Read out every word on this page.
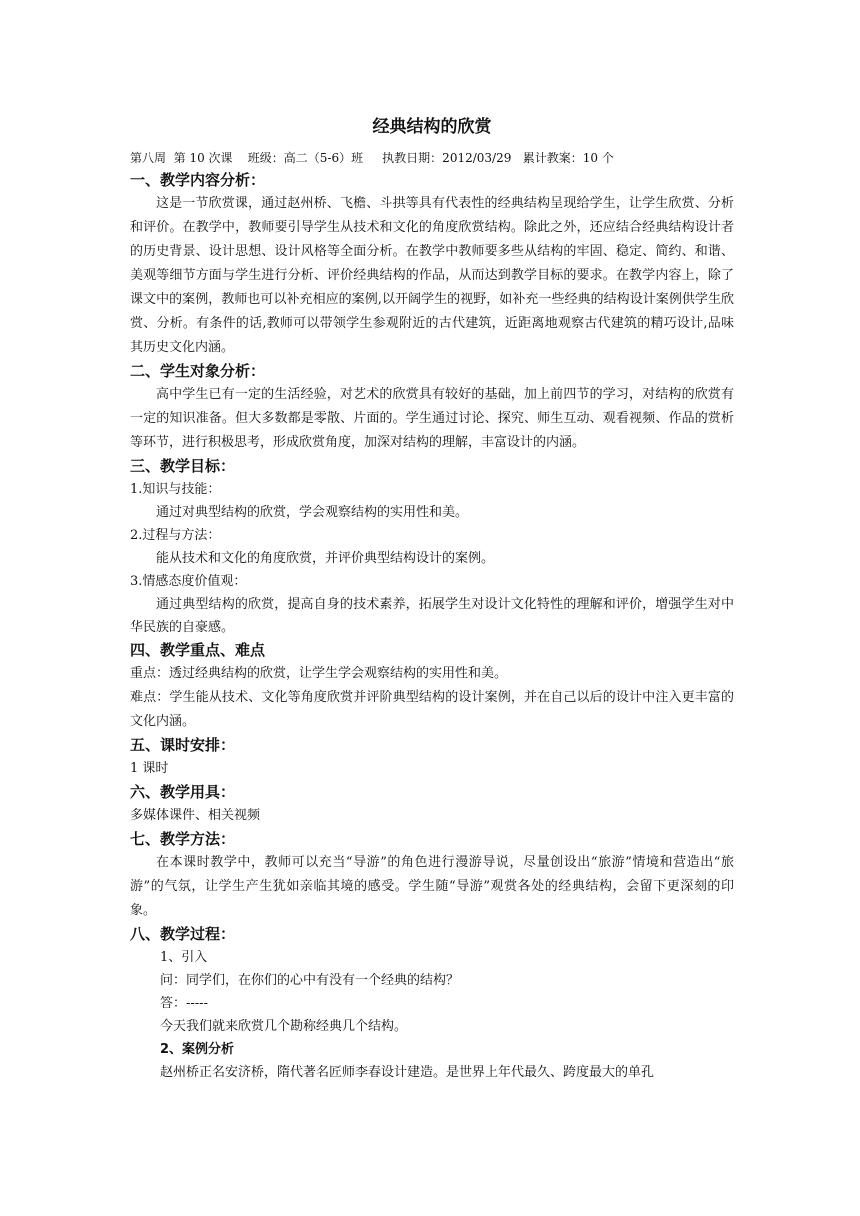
经典结构的欣赏
第八周  第 10 次课    班级：高二（5-6）班     执教日期：2012/03/29   累计教案：10 个
一、教学内容分析：

这是一节欣赏课，通过赵州桥、飞檐、斗拱等具有代表性的经典结构呈现给学生，让学生欣赏、分析和评价。在教学中，教师要引导学生从技术和文化的角度欣赏结构。除此之外，还应结合经典结构设计者的历史背景、设计思想、设计风格等全面分析。在教学中教师要多些从结构的牢固、稳定、简约、和谐、美观等细节方面与学生进行分析、评价经典结构的作品，从而达到教学目标的要求。在教学内容上，除了课文中的案例，教师也可以补充相应的案例,以开阔学生的视野，如补充一些经典的结构设计案例供学生欣赏、分析。有条件的话,教师可以带领学生参观附近的古代建筑，近距离地观察古代建筑的精巧设计,品味其历史文化内涵。

二、学生对象分析：

高中学生已有一定的生活经验，对艺术的欣赏具有较好的基础，加上前四节的学习，对结构的欣赏有一定的知识准备。但大多数都是零散、片面的。学生通过讨论、探究、师生互动、观看视频、作品的赏析等环节，进行积极思考，形成欣赏角度，加深对结构的理解，丰富设计的内涵。

三、教学目标：

1.知识与技能：

通过对典型结构的欣赏，学会观察结构的实用性和美。

2.过程与方法：

能从技术和文化的角度欣赏，并评价典型结构设计的案例。

3.情感态度价值观：

通过典型结构的欣赏，提高自身的技术素养，拓展学生对设计文化特性的理解和评价，增强学生对中华民族的自豪感。

四、教学重点、难点

重点：透过经典结构的欣赏，让学生学会观察结构的实用性和美。

难点：学生能从技术、文化等角度欣赏并评阶典型结构的设计案例，并在自己以后的设计中注入更丰富的文化内涵。

五、课时安排：

1 课时

六、教学用具：

多媒体课件、相关视频

七、教学方法：

在本课时教学中，教师可以充当“导游”的角色进行漫游导说，尽量创设出“旅游”情境和营造出“旅游”的气氛，让学生产生犹如亲临其境的感受。学生随“导游”观赏各处的经典结构，会留下更深刻的印象。

八、教学过程：

1、引入

问：同学们，在你们的心中有没有一个经典的结构？

答：-----

今天我们就来欣赏几个勘称经典几个结构。

2、案例分析

赵州桥正名安济桥，隋代著名匠师李春设计建造。是世界上年代最久、跨度最大的单孔
